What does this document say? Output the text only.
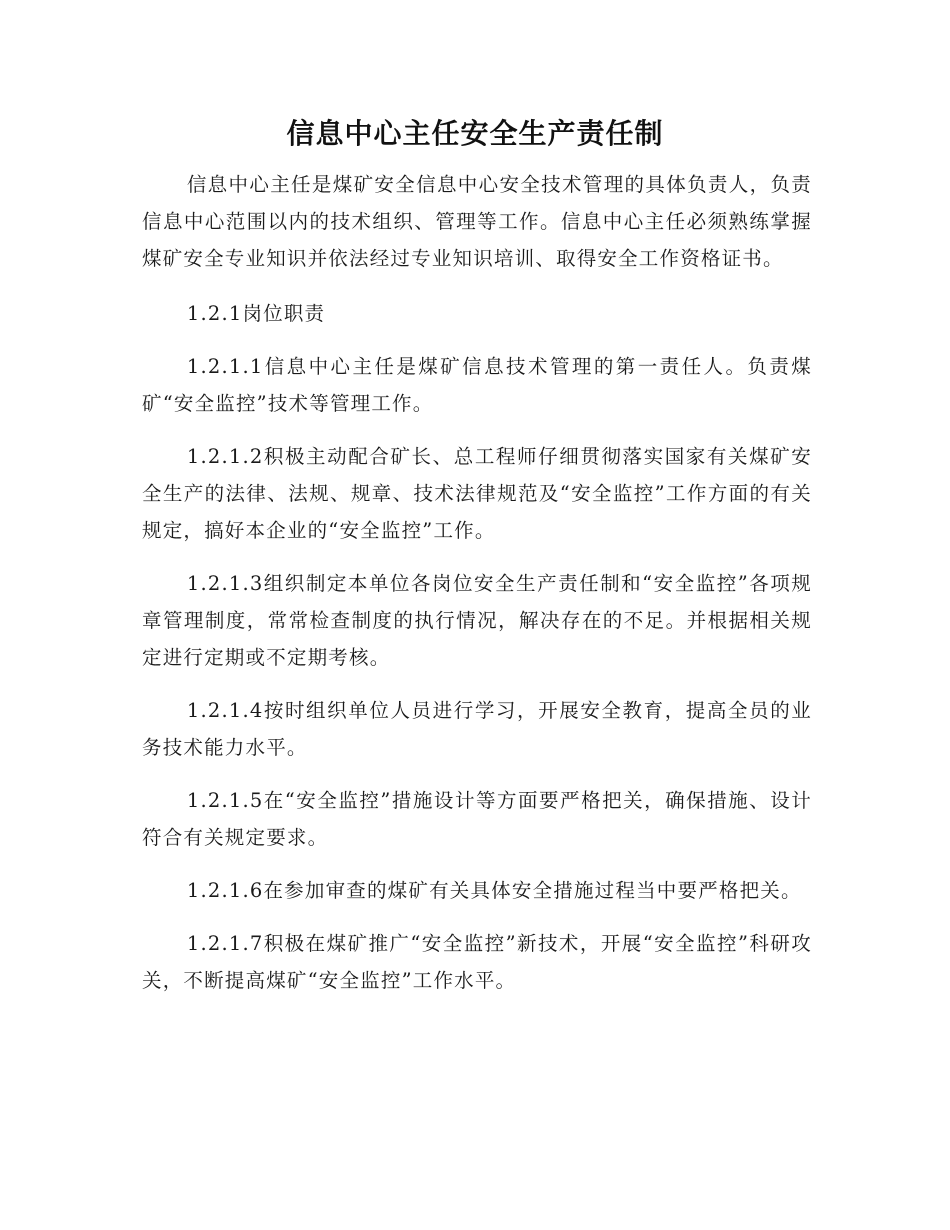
信息中心主任安全生产责任制

信息中心主任是煤矿安全信息中心安全技术管理的具体负责人，负责信息中心范围以内的技术组织、管理等工作。信息中心主任必须熟练掌握煤矿安全专业知识并依法经过专业知识培训、取得安全工作资格证书。

1.2.1岗位职责

1.2.1.1信息中心主任是煤矿信息技术管理的第一责任人。负责煤矿“安全监控”技术等管理工作。

1.2.1.2积极主动配合矿长、总工程师仔细贯彻落实国家有关煤矿安全生产的法律、法规、规章、技术法律规范及“安全监控”工作方面的有关规定，搞好本企业的“安全监控”工作。

1.2.1.3组织制定本单位各岗位安全生产责任制和“安全监控”各项规章管理制度，常常检查制度的执行情况，解决存在的不足。并根据相关规定进行定期或不定期考核。

1.2.1.4按时组织单位人员进行学习，开展安全教育，提高全员的业务技术能力水平。

1.2.1.5在“安全监控”措施设计等方面要严格把关，确保措施、设计符合有关规定要求。

1.2.1.6在参加审查的煤矿有关具体安全措施过程当中要严格把关。

1.2.1.7积极在煤矿推广“安全监控”新技术，开展“安全监控”科研攻关，不断提高煤矿“安全监控”工作水平。
